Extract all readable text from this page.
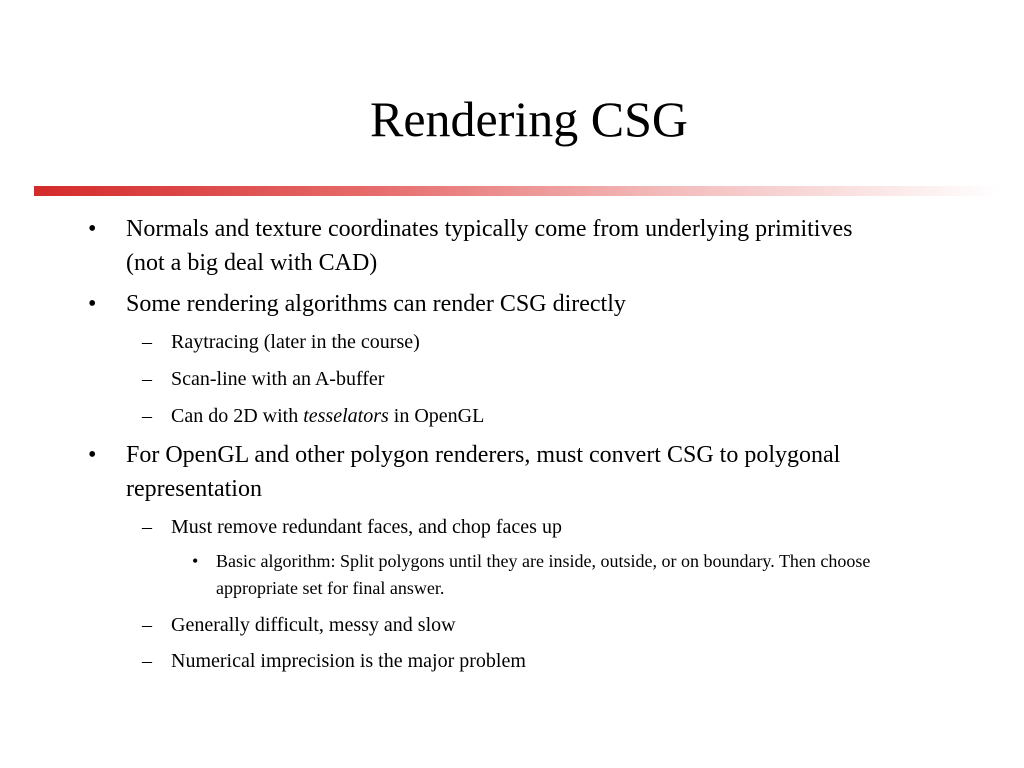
Rendering CSG
• Normals and texture coordinates typically come from underlying primitives (not a big deal with CAD)
• Some rendering algorithms can render CSG directly
– Raytracing (later in the course)
– Scan-line with an A-buffer
– Can do 2D with tesselators in OpenGL
• For OpenGL and other polygon renderers, must convert CSG to polygonal representation
– Must remove redundant faces, and chop faces up
• Basic algorithm: Split polygons until they are inside, outside, or on boundary. Then choose appropriate set for final answer.
– Generally difficult, messy and slow
– Numerical imprecision is the major problem
